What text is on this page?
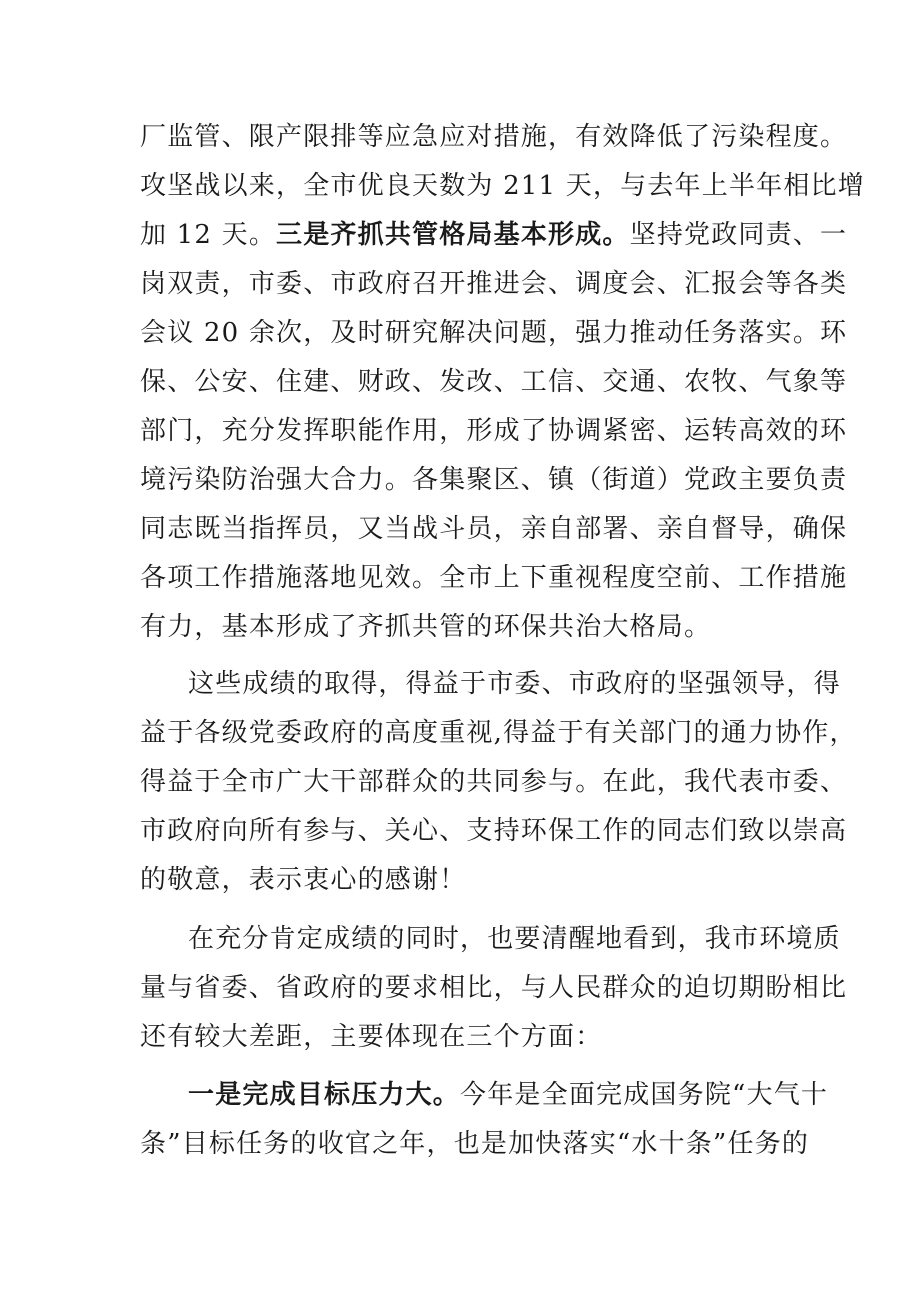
厂监管、限产限排等应急应对措施，有效降低了污染程度。
攻坚战以来，全市优良天数为 211 天，与去年上半年相比增
加 12 天。三是齐抓共管格局基本形成。坚持党政同责、一
岗双责，市委、市政府召开推进会、调度会、汇报会等各类
会议 20 余次，及时研究解决问题，强力推动任务落实。环
保、公安、住建、财政、发改、工信、交通、农牧、气象等
部门，充分发挥职能作用，形成了协调紧密、运转高效的环
境污染防治强大合力。各集聚区、镇（街道）党政主要负责
同志既当指挥员，又当战斗员，亲自部署、亲自督导，确保
各项工作措施落地见效。全市上下重视程度空前、工作措施
有力，基本形成了齐抓共管的环保共治大格局。
这些成绩的取得，得益于市委、市政府的坚强领导，得
益于各级党委政府的高度重视,得益于有关部门的通力协作，
得益于全市广大干部群众的共同参与。在此，我代表市委、
市政府向所有参与、关心、支持环保工作的同志们致以崇高
的敬意，表示衷心的感谢！
在充分肯定成绩的同时，也要清醒地看到，我市环境质
量与省委、省政府的要求相比，与人民群众的迫切期盼相比
还有较大差距，主要体现在三个方面：
一是完成目标压力大。今年是全面完成国务院“大气十
条”目标任务的收官之年，也是加快落实“水十条”任务的
